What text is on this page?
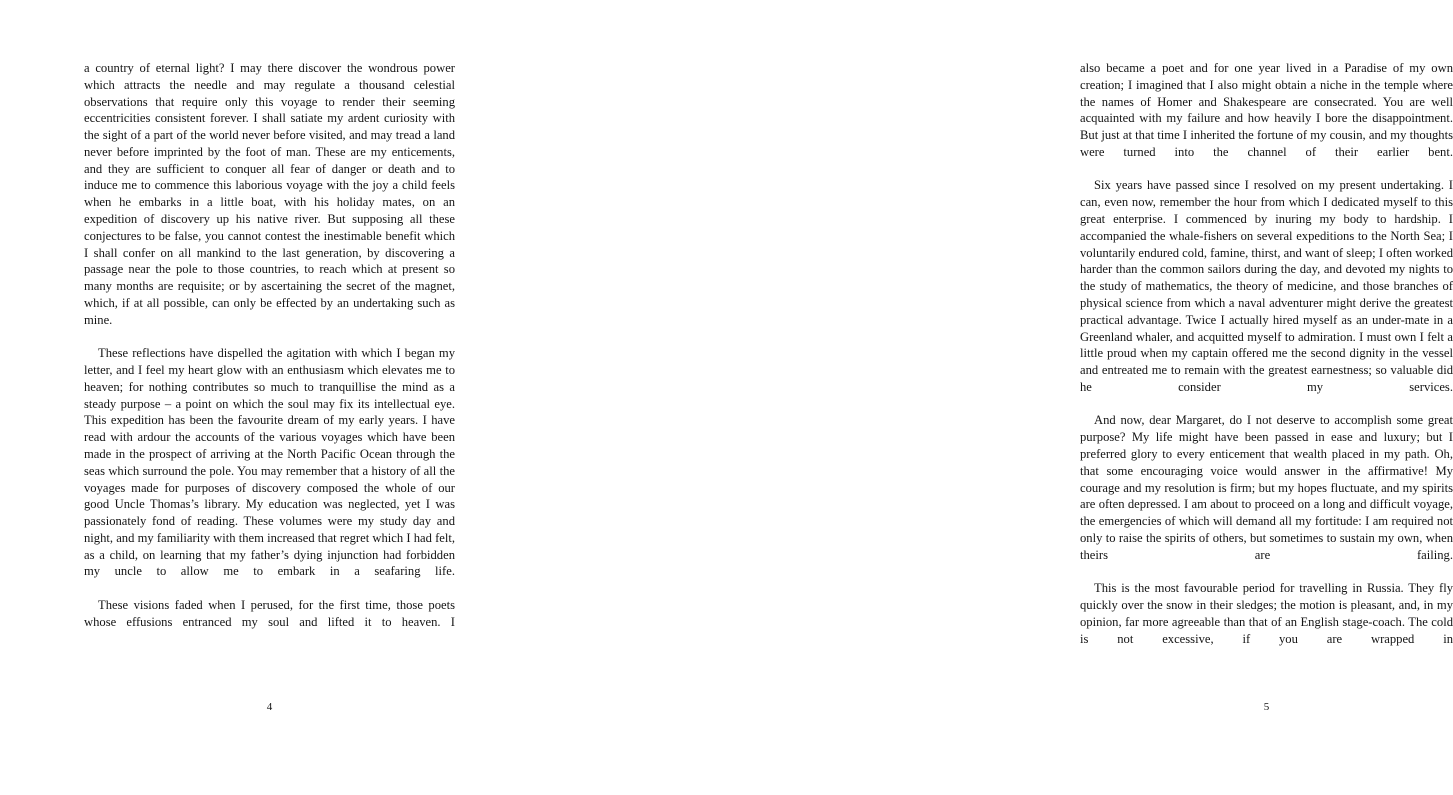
a country of eternal light? I may there discover the wondrous power which attracts the needle and may regulate a thousand celestial observations that require only this voyage to render their seeming eccentricities consistent forever. I shall satiate my ardent curiosity with the sight of a part of the world never before visited, and may tread a land never before imprinted by the foot of man. These are my enticements, and they are sufficient to conquer all fear of danger or death and to induce me to commence this laborious voyage with the joy a child feels when he embarks in a little boat, with his holiday mates, on an expedition of discovery up his native river. But supposing all these conjectures to be false, you cannot contest the inestimable benefit which I shall confer on all mankind to the last generation, by discovering a passage near the pole to those countries, to reach which at present so many months are requisite; or by ascertaining the secret of the magnet, which, if at all possible, can only be effected by an undertaking such as mine.

These reflections have dispelled the agitation with which I began my letter, and I feel my heart glow with an enthusiasm which elevates me to heaven; for nothing contributes so much to tranquillise the mind as a steady purpose – a point on which the soul may fix its intellectual eye. This expedition has been the favourite dream of my early years. I have read with ardour the accounts of the various voyages which have been made in the prospect of arriving at the North Pacific Ocean through the seas which surround the pole. You may remember that a history of all the voyages made for purposes of discovery composed the whole of our good Uncle Thomas’s library. My education was neglected, yet I was passionately fond of reading. These volumes were my study day and night, and my familiarity with them increased that regret which I had felt, as a child, on learning that my father’s dying injunction had forbidden my uncle to allow me to embark in a seafaring life.

These visions faded when I perused, for the first time, those poets whose effusions entranced my soul and lifted it to heaven. I

4

also became a poet and for one year lived in a Paradise of my own creation; I imagined that I also might obtain a niche in the temple where the names of Homer and Shakespeare are consecrated. You are well acquainted with my failure and how heavily I bore the disappointment. But just at that time I inherited the fortune of my cousin, and my thoughts were turned into the channel of their earlier bent.

Six years have passed since I resolved on my present undertaking. I can, even now, remember the hour from which I dedicated myself to this great enterprise. I commenced by inuring my body to hardship. I accompanied the whale-fishers on several expeditions to the North Sea; I voluntarily endured cold, famine, thirst, and want of sleep; I often worked harder than the common sailors during the day, and devoted my nights to the study of mathematics, the theory of medicine, and those branches of physical science from which a naval adventurer might derive the greatest practical advantage. Twice I actually hired myself as an under-mate in a Greenland whaler, and acquitted myself to admiration. I must own I felt a little proud when my captain offered me the second dignity in the vessel and entreated me to remain with the greatest earnestness; so valuable did he consider my services.

And now, dear Margaret, do I not deserve to accomplish some great purpose? My life might have been passed in ease and luxury; but I preferred glory to every enticement that wealth placed in my path. Oh, that some encouraging voice would answer in the affirmative! My courage and my resolution is firm; but my hopes fluctuate, and my spirits are often depressed. I am about to proceed on a long and difficult voyage, the emergencies of which will demand all my fortitude: I am required not only to raise the spirits of others, but sometimes to sustain my own, when theirs are failing.

This is the most favourable period for travelling in Russia. They fly quickly over the snow in their sledges; the motion is pleasant, and, in my opinion, far more agreeable than that of an English stage-coach. The cold is not excessive, if you are wrapped in

5
